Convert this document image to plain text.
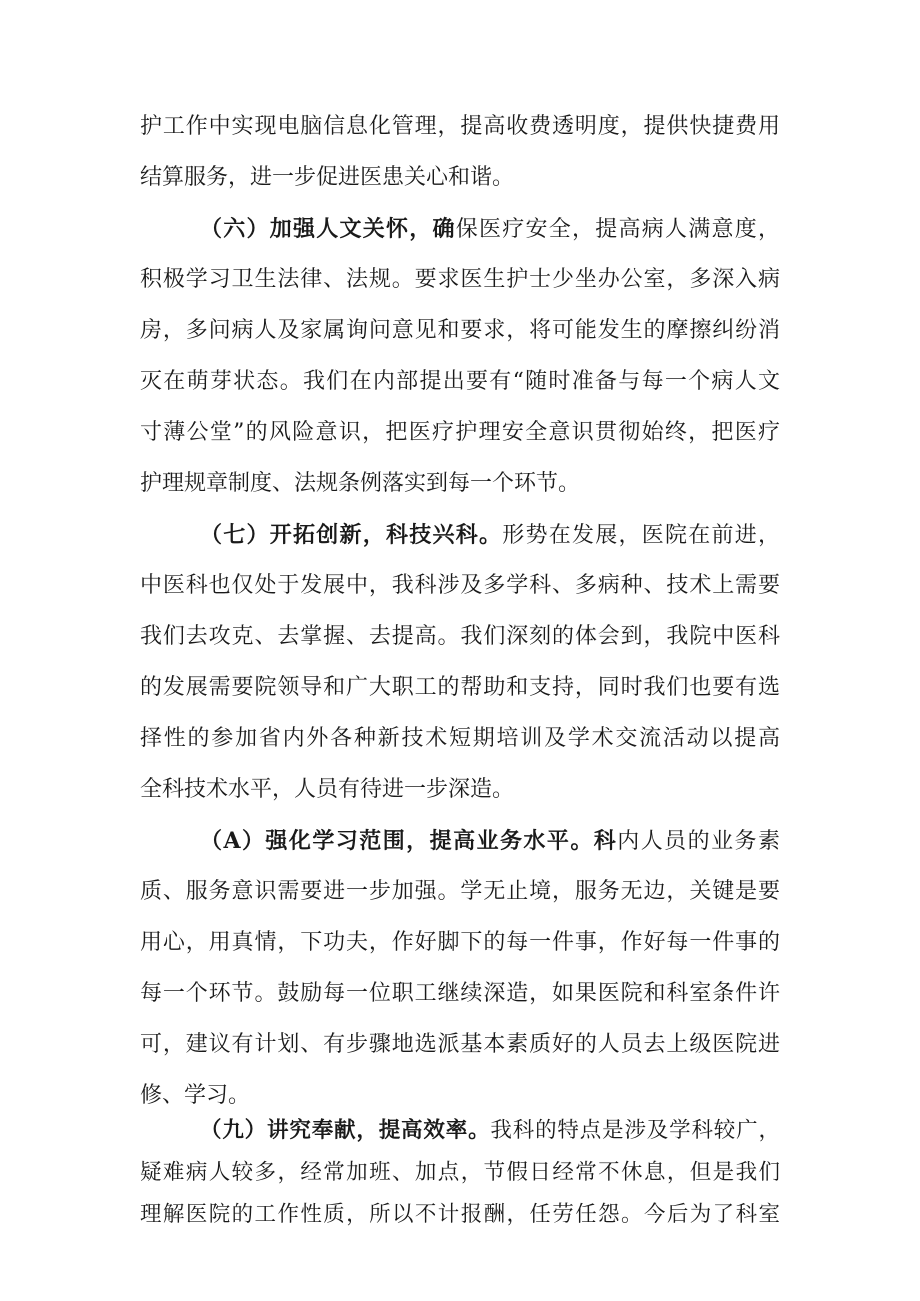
护工作中实现电脑信息化管理，提高收费透明度，提供快捷费用
结算服务，进一步促进医患关心和谐。
（六）加强人文关怀，确保医疗安全，提高病人满意度，
积极学习卫生法律、法规。要求医生护士少坐办公室，多深入病
房，多问病人及家属询问意见和要求，将可能发生的摩擦纠纷消
灭在萌芽状态。我们在内部提出要有“随时准备与每一个病人文
寸薄公堂”的风险意识，把医疗护理安全意识贯彻始终，把医疗
护理规章制度、法规条例落实到每一个环节。
（七）开拓创新，科技兴科。形势在发展，医院在前进，
中医科也仅处于发展中，我科涉及多学科、多病种、技术上需要
我们去攻克、去掌握、去提高。我们深刻的体会到，我院中医科
的发展需要院领导和广大职工的帮助和支持，同时我们也要有选
择性的参加省内外各种新技术短期培训及学术交流活动以提高
全科技术水平，人员有待进一步深造。
（A）强化学习范围，提高业务水平。科内人员的业务素
质、服务意识需要进一步加强。学无止境，服务无边，关键是要
用心，用真情，下功夫，作好脚下的每一件事，作好每一件事的
每一个环节。鼓励每一位职工继续深造，如果医院和科室条件许
可，建议有计划、有步骤地选派基本素质好的人员去上级医院进
修、学习。
（九）讲究奉献，提高效率。我科的特点是涉及学科较广，
疑难病人较多，经常加班、加点，节假日经常不休息，但是我们
理解医院的工作性质，所以不计报酬，任劳任怨。今后为了科室
